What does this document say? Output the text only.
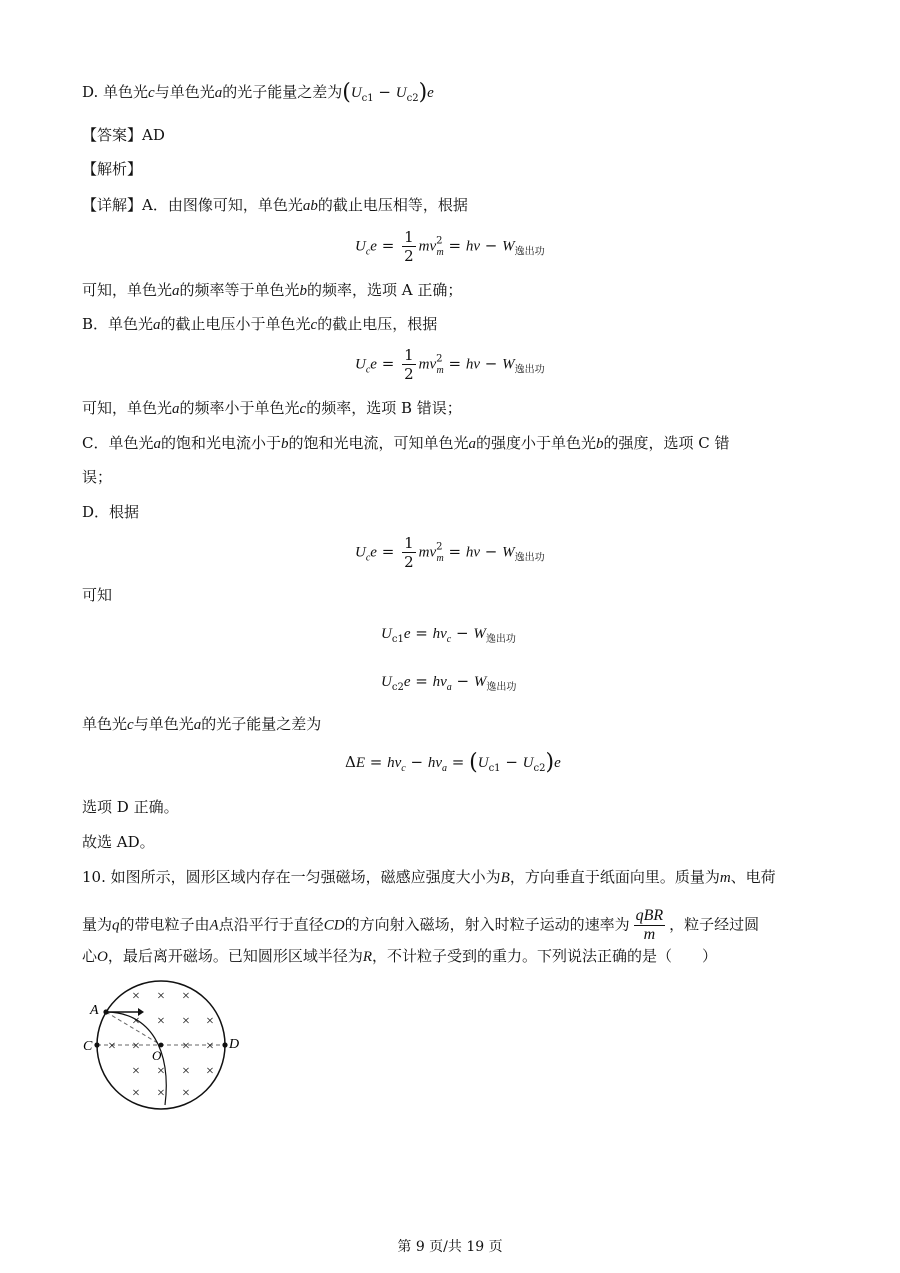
D. 单色光c与单色光a的光子能量之差为$(U_{c1} - U_{c2})e$
【答案】AD
【解析】
【详解】A．由图像可知，单色光ab的截止电压相等，根据
$U_ce = \frac{1}{2} mv^2_m = h\nu - W_{逸出功}$
可知，单色光a的频率等于单色光b的频率，选项 A 正确；
B．单色光a的截止电压小于单色光c的截止电压，根据
$U_ce = \frac{1}{2} mv^2_m = h\nu - W_{逸出功}$
可知，单色光a的频率小于单色光c的频率，选项 B 错误；
C．单色光a的饱和光电流小于b的饱和光电流，可知单色光a的强度小于单色光b的强度，选项 C 错
误；
D．根据
$U_ce = \frac{1}{2} mv^2_m = h\nu - W_{逸出功}$
可知
$U_{c1}e = h\nu_c - W_{逸出功}$
$U_{c2}e = h\nu_a - W_{逸出功}$
单色光c与单色光a的光子能量之差为
$\Delta E = h\nu_c - h\nu_a = (U_{c1} - U_{c2})e$
选项 D 正确。
故选 AD。
10. 如图所示，圆形区域内存在一匀强磁场，磁感应强度大小为B，方向垂直于纸面向里。质量为m、电荷
量为q的带电粒子由A点沿平行于直径CD的方向射入磁场，射入时粒子运动的速率为 $\frac{\text{qBR}}{m}$ ，粒子经过圆
心O，最后离开磁场。已知圆形区域半径为R，不计粒子受到的重力。下列说法正确的是（　　）
A
C	D
O
× × ×
× × × ×
× ×	× ×
× × × ×
× × ×
第 9 页/共 19 页
